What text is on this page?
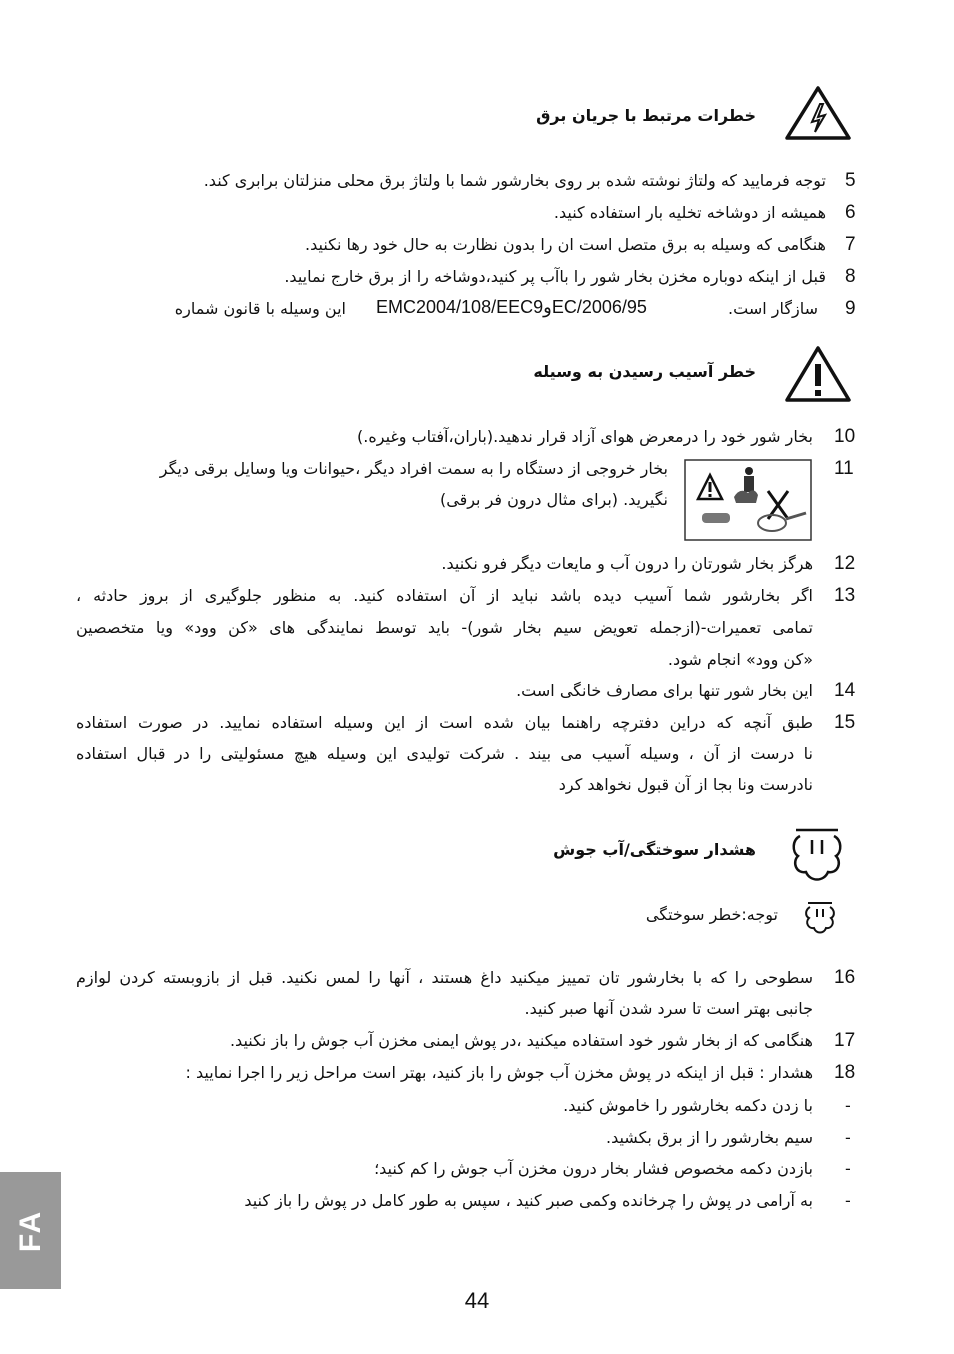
خطرات مرتبط با جریان برق
5
توجه فرمایید که ولتاژ نوشته شده بر روی بخارشور شما با ولتاژ برق محلی منزلتان برابری کند.
6
همیشه از دوشاخه تخلیه بار استفاده کنید.
7
هنگامی که وسیله به برق متصل است ان را بدون نظارت به حال خود رها نکنید.
8
قبل از اینکه دوباره مخزن بخار شور را باآب پر کنید،دوشاخه را از برق خارج نمایید.
9
سازگار است.
EMC2004/108/EEC9وEC/2006/95
این وسیله با قانون شماره
خطر آسیب رسیدن به وسیله
10
بخار شور خود را درمعرض هوای آزاد قرار ندهید.(باران،آفتاب وغیره.)
11
بخار خروجی از دستگاه را به سمت افراد دیگر ،حیوانات ویا وسایل برقی دیگر
نگیرید. (برای مثال درون فر برقی)
12
هرگز بخار شورتان را درون آب و مایعات دیگر فرو نکنید.
13
اگر بخارشور شما آسیب دیده باشد نباید از آن استفاده کنید. به منظور جلوگیری از بروز حادثه ،
تمامی تعمیرات-(ازجمله تعویض سیم بخار شور)- باید توسط نمایندگی های «کن وود» ویا متخصصین
«کن وود» انجام شود.
14
این بخار شور تنها برای مصارف خانگی است.
15
طبق آنچه که دراین دفترچه راهنما بیان شده است از این وسیله استفاده نمایید. در صورت استفاده
نا درست از آن ، وسیله آسیب می بیند . شرکت تولیدی این وسیله هیچ مسئولیتی را در قبال استفاده
نادرست ونا بجا از آن قبول نخواهد کرد
هشدار سوختگی/آب جوش
توجه:خطر سوختگی
16
سطوحی را که با بخارشور تان تمییز میکنید داغ هستند ، آنها را لمس نکنید. قبل از بازوبسته کردن لوازم
جانبی بهتر است تا سرد شدن آنها صبر کنید.
17
هنگامی که از بخار شور خود استفاده میکنید ،در پوش ایمنی مخزن آب جوش را باز نکنید.
18
هشدار : قبل از اینکه در پوش مخزن آب جوش را باز کنید، بهتر است مراحل زیر را اجرا نمایید :
-
با زدن دکمه بخارشور را خاموش کنید.
-
سیم بخارشور را از برق بکشید.
-
بازدن دکمه مخصوص فشار بخار درون مخزن آب جوش را کم کنید؛
-
به آرامی در پوش را چرخانده وکمی صبر کنید ، سپس به طور کامل در پوش را باز کنید
FA
44
